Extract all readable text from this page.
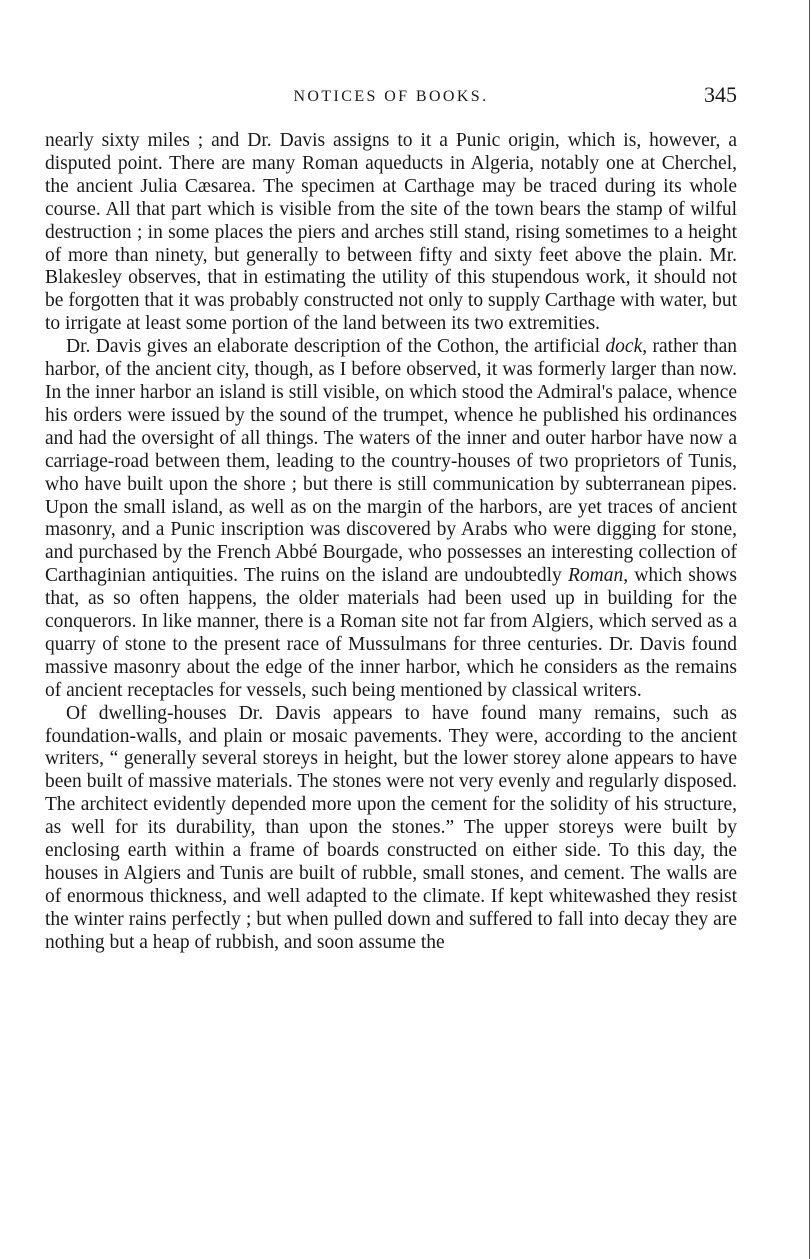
NOTICES OF BOOKS.	345

nearly sixty miles ; and Dr. Davis assigns to it a Punic origin, which is, however, a disputed point. There are many Roman aqueducts in Algeria, notably one at Cherchel, the ancient Julia Cæsarea. The specimen at Carthage may be traced during its whole course. All that part which is visible from the site of the town bears the stamp of wilful destruction ; in some places the piers and arches still stand, rising sometimes to a height of more than ninety, but generally to between fifty and sixty feet above the plain. Mr. Blakesley observes, that in estimating the utility of this stupendous work, it should not be forgotten that it was probably constructed not only to supply Carthage with water, but to irrigate at least some portion of the land between its two extremities.

Dr. Davis gives an elaborate description of the Cothon, the artificial dock, rather than harbor, of the ancient city, though, as I before observed, it was formerly larger than now. In the inner harbor an island is still visible, on which stood the Admiral's palace, whence his orders were issued by the sound of the trumpet, whence he published his ordinances and had the oversight of all things. The waters of the inner and outer harbor have now a carriage-road between them, leading to the country-houses of two proprietors of Tunis, who have built upon the shore ; but there is still communication by subterranean pipes. Upon the small island, as well as on the margin of the harbors, are yet traces of ancient masonry, and a Punic inscription was discovered by Arabs who were digging for stone, and purchased by the French Abbé Bourgade, who possesses an interesting collection of Carthaginian antiquities. The ruins on the island are undoubtedly Roman, which shows that, as so often happens, the older materials had been used up in building for the conquerors. In like manner, there is a Roman site not far from Algiers, which served as a quarry of stone to the present race of Mussulmans for three centuries. Dr. Davis found massive masonry about the edge of the inner harbor, which he considers as the remains of ancient receptacles for vessels, such being mentioned by classical writers.

Of dwelling-houses Dr. Davis appears to have found many remains, such as foundation-walls, and plain or mosaic pavements. They were, according to the ancient writers, “ generally several storeys in height, but the lower storey alone appears to have been built of massive materials. The stones were not very evenly and regularly disposed. The architect evidently depended more upon the cement for the solidity of his structure, as well for its durability, than upon the stones.” The upper storeys were built by enclosing earth within a frame of boards constructed on either side. To this day, the houses in Algiers and Tunis are built of rubble, small stones, and cement. The walls are of enormous thickness, and well adapted to the climate. If kept whitewashed they resist the winter rains perfectly ; but when pulled down and suffered to fall into decay they are nothing but a heap of rubbish, and soon assume the
